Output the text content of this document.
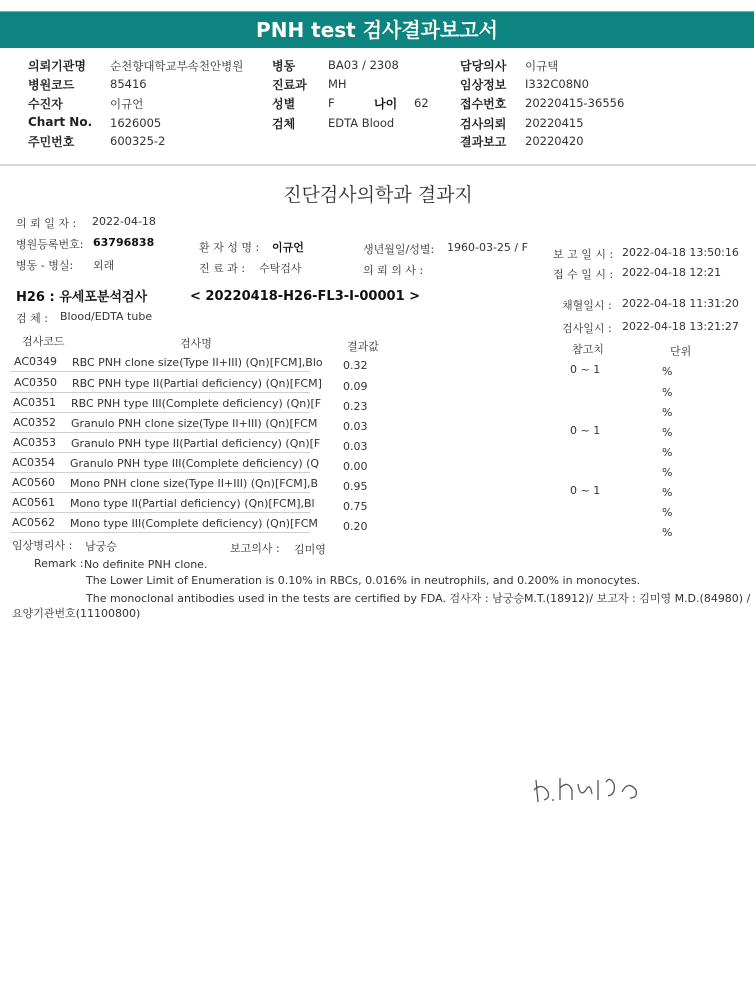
PNH test 검사결과보고서
의뢰기관명 순천향대학교부속천안병원
병원코드	85416
수진자	이규언
Chart No. 1626005
주민번호	600325-2
병동	BA03 / 2308
진료과 MH
성별	F
검체	EDTA Blood
담당의사 이규택
임상정보 I332C08N0
접수번호 20220415-36556
검사의뢰 20220415
결과보고 20220420
나이 62
진단검사의학과 결과지
의 뢰 일 자 : 2022-04-18
병원등록번호: 63796838	환 자 성 명 : 이규언	생년월일/성별: 1960-03-25 / F
보 고 일 시 : 2022-04-18 13:50:16
병동 - 병실: 외래	진 료 과 : 수탁검사	의 뢰 의 사 :	접 수 일 시 : 2022-04-18 12:21
H26 : 유세포분석검사	< 20220418-H26-FL3-I-00001 >
채혈일시 : 2022-04-18 11:31:20
검 체 : Blood/EDTA tube
검사일시 : 2022-04-18 13:21:27
검사코드	검사명	결과값	참고치	단위
AC0349 RBC PNH clone size(Type II+III) (Qn)[FCM],Blo 0.32	0 ~ 1	%
AC0350 RBC PNH type II(Partial deficiency) (Qn)[FCM] 0.09	%
AC0351 RBC PNH type III(Complete deficiency) (Qn)[F 0.23	%
AC0352 Granulo PNH clone size(Type II+III) (Qn)[FCM 0.03	0 ~ 1	%
AC0353 Granulo PNH type II(Partial deficiency) (Qn)[F 0.03	%
AC0354 Granulo PNH type III(Complete deficiency) (Q 0.00	%
AC0560 Mono PNH clone size(Type II+III) (Qn)[FCM],B 0.95	0 ~ 1	%
AC0561 Mono type II(Partial deficiency) (Qn)[FCM],Bl	0.75	%
AC0562 Mono type III(Complete deficiency) (Qn)[FCM 0.20	%
임상병리사 : 남궁승	보고의사 : 김미영
Remark : No definite PNH clone.
The Lower Limit of Enumeration is 0.10% in RBCs, 0.016% in neutrophils, and 0.200% in monocytes.
The monoclonal antibodies used in the tests are certified by FDA. 검사자 : 남궁승M.T.(18912)/ 보고자 : 김미영 M.D.(84980) /
요양기관번호(11100800)
